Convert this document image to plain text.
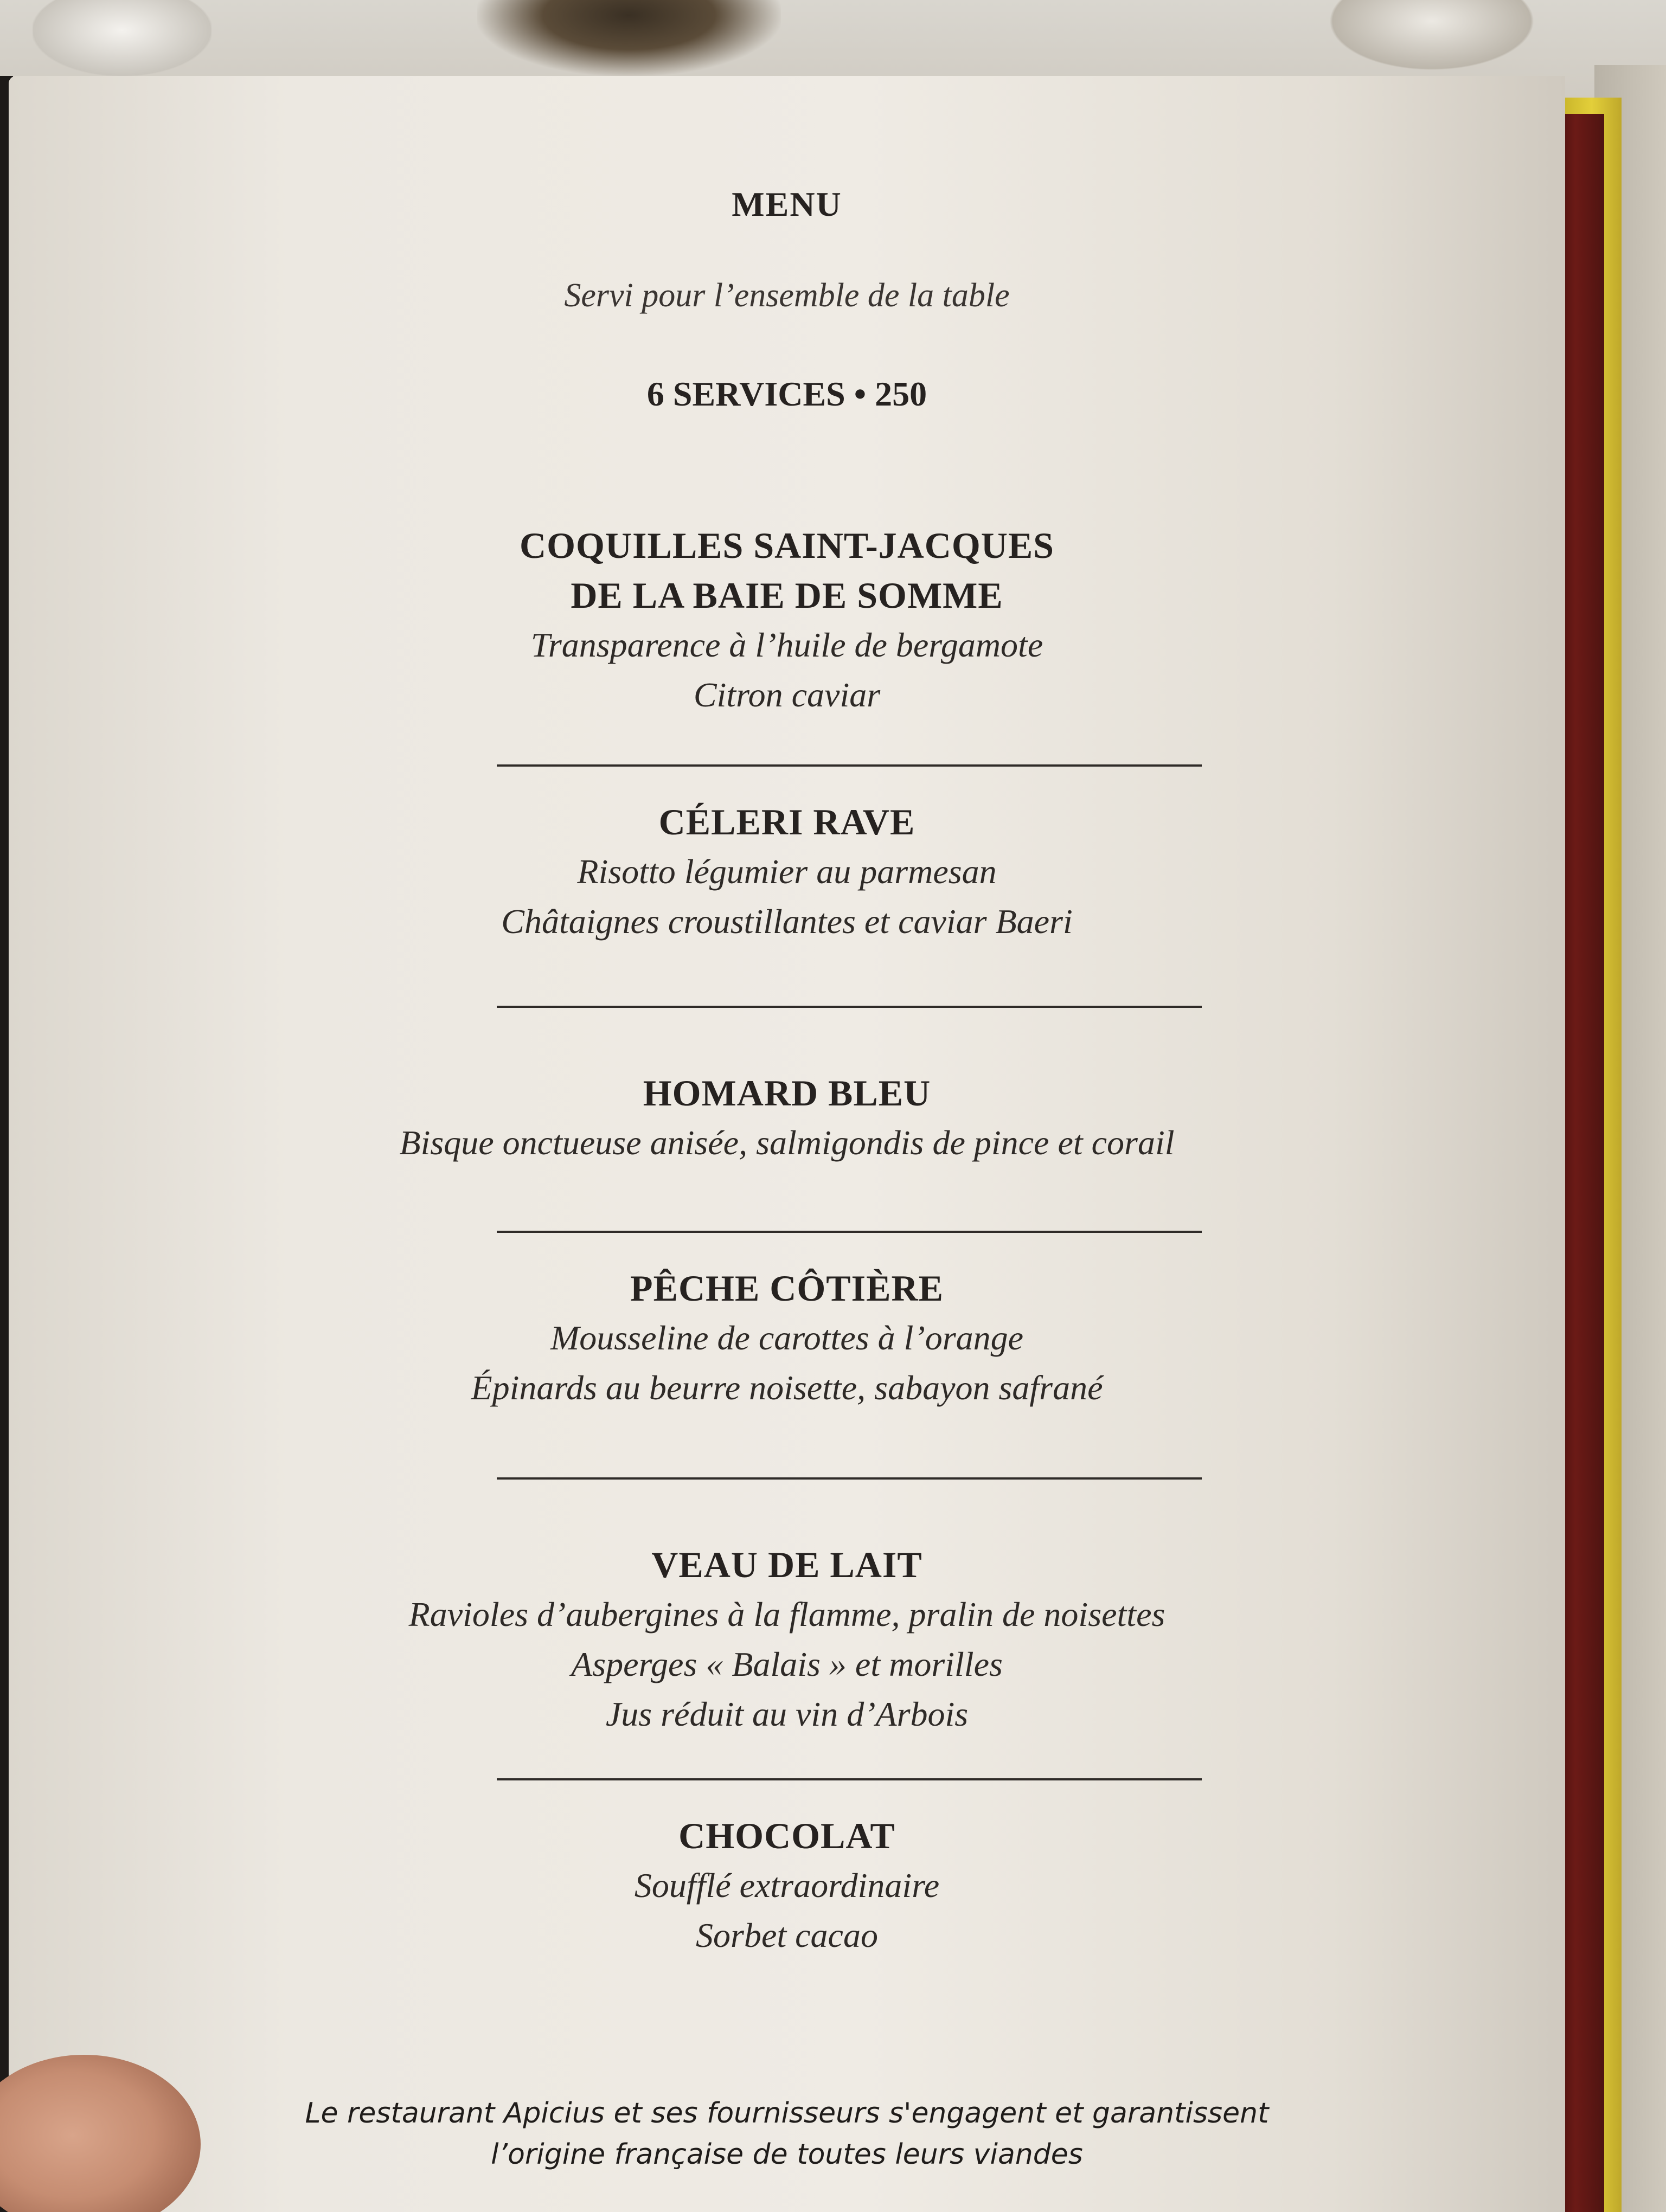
MENU
Servi pour l’ensemble de la table
6 SERVICES • 250
COQUILLES SAINT-JACQUES
DE LA BAIE DE SOMME

Transparence à l’huile de bergamote

Citron caviar

CÉLERI RAVE

Risotto légumier au parmesan

Châtaignes croustillantes et caviar Baeri

HOMARD BLEU

Bisque onctueuse anisée, salmigondis de pince et corail

PÊCHE CÔTIÈRE

Mousseline de carottes à l’orange

Épinards au beurre noisette, sabayon safrané

VEAU DE LAIT

Ravioles d’aubergines à la flamme, pralin de noisettes

Asperges « Balais » et morilles

Jus réduit au vin d’Arbois

CHOCOLAT

Soufflé extraordinaire

Sorbet cacao

Le restaurant Apicius et ses fournisseurs s'engagent et garantissent
l’origine française de toutes leurs viandes
